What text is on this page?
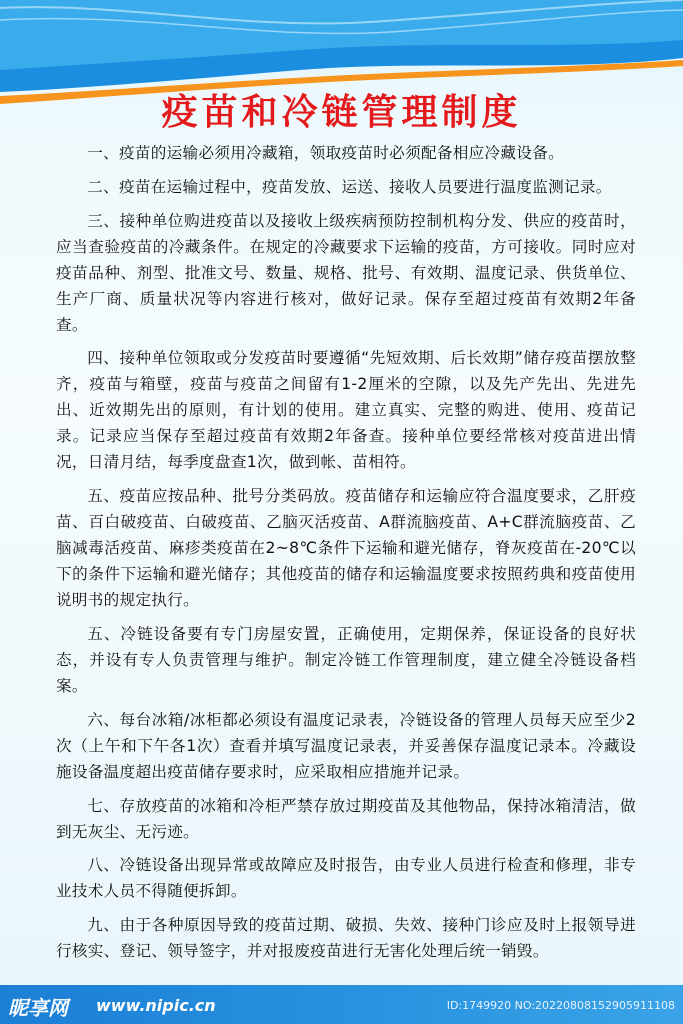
疫苗和冷链管理制度

一、疫苗的运输必须用冷藏箱，领取疫苗时必须配备相应冷藏设备。

二、疫苗在运输过程中，疫苗发放、运送、接收人员要进行温度监测记录。

三、接种单位购进疫苗以及接收上级疾病预防控制机构分发、供应的疫苗时，应当查验疫苗的冷藏条件。在规定的冷藏要求下运输的疫苗，方可接收。同时应对疫苗品种、剂型、批准文号、数量、规格、批号、有效期、温度记录、供货单位、生产厂商、质量状况等内容进行核对，做好记录。保存至超过疫苗有效期2年备查。

四、接种单位领取或分发疫苗时要遵循“先短效期、后长效期”储存疫苗摆放整齐，疫苗与箱壁，疫苗与疫苗之间留有1-2厘米的空隙，以及先产先出、先进先出、近效期先出的原则，有计划的使用。建立真实、完整的购进、使用、疫苗记录。记录应当保存至超过疫苗有效期2年备查。接种单位要经常核对疫苗进出情况，日清月结，每季度盘查1次，做到帐、苗相符。

五、疫苗应按品种、批号分类码放。疫苗储存和运输应符合温度要求，乙肝疫苗、百白破疫苗、白破疫苗、乙脑灭活疫苗、A群流脑疫苗、A+C群流脑疫苗、乙脑减毒活疫苗、麻疹类疫苗在2~8℃条件下运输和避光储存，脊灰疫苗在-20℃以下的条件下运输和避光储存；其他疫苗的储存和运输温度要求按照药典和疫苗使用说明书的规定执行。

五、冷链设备要有专门房屋安置，正确使用，定期保养，保证设备的良好状态，并设有专人负责管理与维护。制定冷链工作管理制度，建立健全冷链设备档案。

六、每台冰箱/冰柜都必须设有温度记录表，冷链设备的管理人员每天应至少2次（上午和下午各1次）查看并填写温度记录表，并妥善保存温度记录本。冷藏设施设备温度超出疫苗储存要求时，应采取相应措施并记录。

七、存放疫苗的冰箱和冷柜严禁存放过期疫苗及其他物品，保持冰箱清洁，做到无灰尘、无污迹。

八、冷链设备出现异常或故障应及时报告，由专业人员进行检查和修理，非专业技术人员不得随便拆卸。

九、由于各种原因导致的疫苗过期、破损、失效、接种门诊应及时上报领导进行核实、登记、领导签字，并对报废疫苗进行无害化处理后统一销毁。

昵享网 www.nipic.cn	ID:1749920 NO:20220808152905911108
